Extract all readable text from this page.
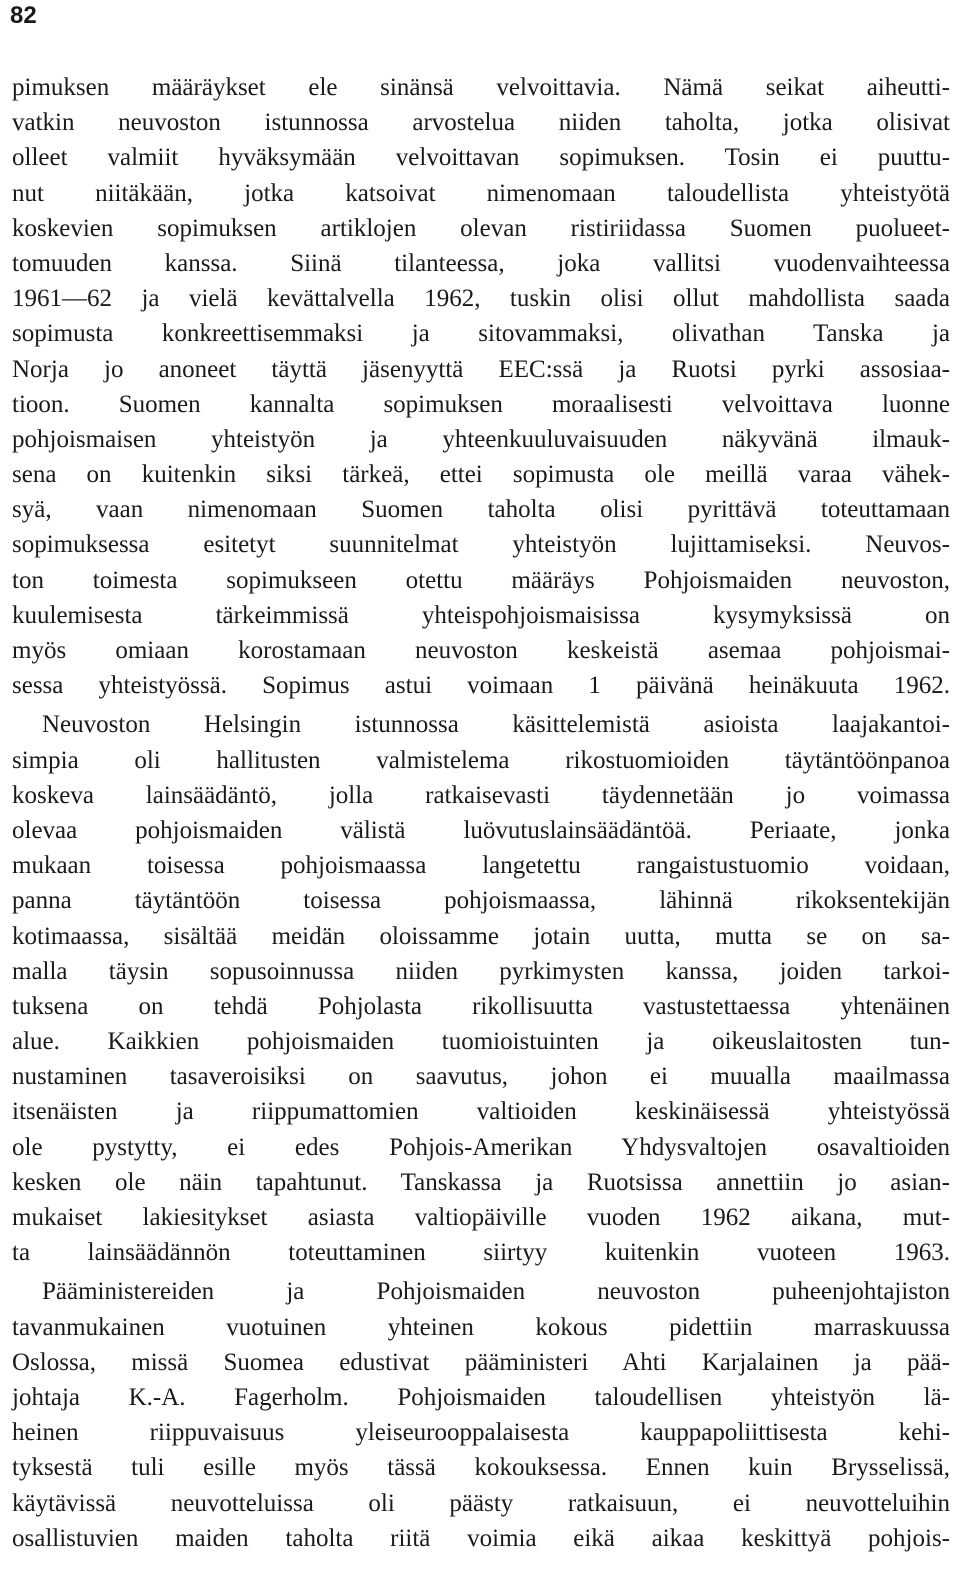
82
pimuksen määräykset ele sinänsä velvoittavia. Nämä seikat aiheutti-
vatkin neuvoston istunnossa arvostelua niiden taholta, jotka olisivat
olleet valmiit hyväksymään velvoittavan sopimuksen. Tosin ei puuttu-
nut niitäkään, jotka katsoivat nimenomaan taloudellista yhteistyötä
koskevien sopimuksen artiklojen olevan ristiriidassa Suomen puolueet-
tomuuden kanssa. Siinä tilanteessa, joka vallitsi vuodenvaihteessa
1961—62 ja vielä kevättalvella 1962, tuskin olisi ollut mahdollista saada
sopimusta konkreettisemmaksi ja sitovammaksi, olivathan Tanska ja
Norja jo anoneet täyttä jäsenyyttä EEC:ssä ja Ruotsi pyrki assosiaa-
tioon. Suomen kannalta sopimuksen moraalisesti velvoittava luonne
pohjoismaisen yhteistyön ja yhteenkuuluvaisuuden näkyvänä ilmauk-
sena on kuitenkin siksi tärkeä, ettei sopimusta ole meillä varaa vähek-
syä, vaan nimenomaan Suomen taholta olisi pyrittävä toteuttamaan
sopimuksessa esitetyt suunnitelmat yhteistyön lujittamiseksi. Neuvos-
ton toimesta sopimukseen otettu määräys Pohjoismaiden neuvoston,
kuulemisesta tärkeimmissä yhteispohjoismaisissa kysymyksissä on
myös omiaan korostamaan neuvoston keskeistä asemaa pohjoismai-
sessa yhteistyössä. Sopimus astui voimaan 1 päivänä heinäkuuta 1962.
Neuvoston Helsingin istunnossa käsittelemistä asioista laajakantoi-
simpia oli hallitusten valmistelema rikostuomioiden täytäntöönpanoa
koskeva lainsäädäntö, jolla ratkaisevasti täydennetään jo voimassa
olevaa pohjoismaiden välistä luövutuslainsäädäntöä. Periaate, jonka
mukaan toisessa pohjoismaassa langetettu rangaistustuomio voidaan,
panna täytäntöön toisessa pohjoismaassa, lähinnä rikoksentekijän
kotimaassa, sisältää meidän oloissamme jotain uutta, mutta se on sa-
malla täysin sopusoinnussa niiden pyrkimysten kanssa, joiden tarkoi-
tuksena on tehdä Pohjolasta rikollisuutta vastustettaessa yhtenäinen
alue. Kaikkien pohjoismaiden tuomioistuinten ja oikeuslaitosten tun-
nustaminen tasaveroisiksi on saavutus, johon ei muualla maailmassa
itsenäisten ja riippumattomien valtioiden keskinäisessä yhteistyössä
ole pystytty, ei edes Pohjois-Amerikan Yhdysvaltojen osavaltioiden
kesken ole näin tapahtunut. Tanskassa ja Ruotsissa annettiin jo asian-
mukaiset lakiesitykset asiasta valtiopäiville vuoden 1962 aikana, mut-
ta lainsäädännön toteuttaminen siirtyy kuitenkin vuoteen 1963.
Pääministereiden ja Pohjoismaiden neuvoston puheenjohtajiston
tavanmukainen vuotuinen yhteinen kokous pidettiin marraskuussa
Oslossa, missä Suomea edustivat pääministeri Ahti Karjalainen ja pää-
johtaja K.-A. Fagerholm. Pohjoismaiden taloudellisen yhteistyön lä-
heinen riippuvaisuus yleiseurooppalaisesta kauppapoliittisesta kehi-
tyksestä tuli esille myös tässä kokouksessa. Ennen kuin Brysselissä,
käytävissä neuvotteluissa oli päästy ratkaisuun, ei neuvotteluihin
osallistuvien maiden taholta riitä voimia eikä aikaa keskittyä pohjois-
